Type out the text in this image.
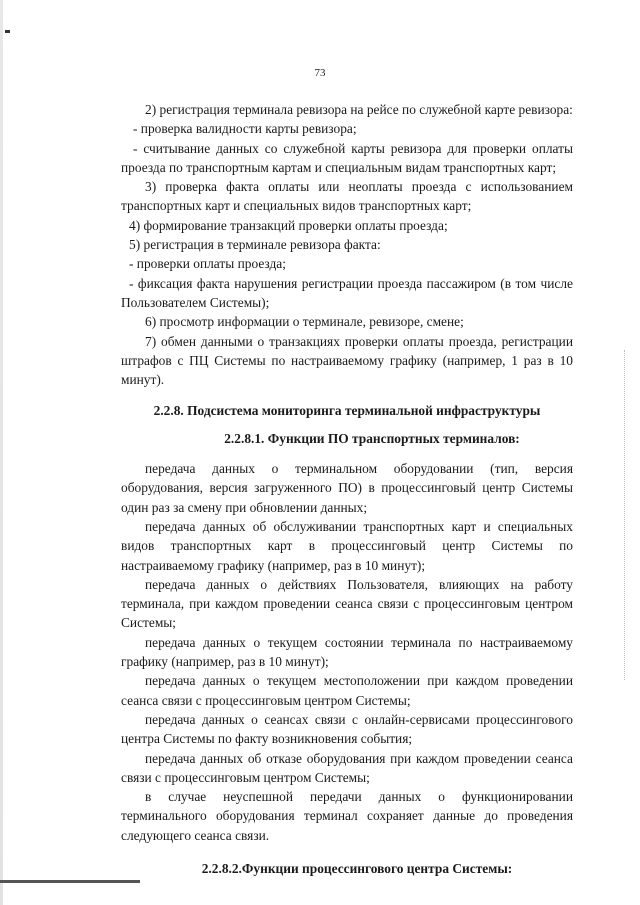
73

2) регистрация терминала ревизора на рейсе по служебной карте ревизора:

- проверка валидности карты ревизора;

- считывание данных со служебной карты ревизора для проверки оплаты проезда по транспортным картам и специальным видам транспортных карт;

3) проверка факта оплаты или неоплаты проезда с использованием транспортных карт и специальных видов транспортных карт;

4) формирование транзакций проверки оплаты проезда;

5) регистрация в терминале ревизора факта:

- проверки оплаты проезда;

- фиксация факта нарушения регистрации проезда пассажиром (в том числе Пользователем Системы);

6) просмотр информации о терминале, ревизоре, смене;

7) обмен данными о транзакциях проверки оплаты проезда, регистрации штрафов с ПЦ Системы по настраиваемому графику (например, 1 раз в 10 минут).

2.2.8. Подсистема мониторинга терминальной инфраструктуры

2.2.8.1. Функции ПО транспортных терминалов:

передача данных о терминальном оборудовании (тип, версия оборудования, версия загруженного ПО) в процессинговый центр Системы один раз за смену при обновлении данных;

передача данных об обслуживании транспортных карт и специальных видов транспортных карт в процессинговый центр Системы по настраиваемому графику (например, раз в 10 минут);

передача данных о действиях Пользователя, влияющих на работу терминала, при каждом проведении сеанса связи с процессинговым центром Системы;

передача данных о текущем состоянии терминала по настраиваемому графику (например, раз в 10 минут);

передача данных о текущем местоположении при каждом проведении сеанса связи с процессинговым центром Системы;

передача данных о сеансах связи с онлайн-сервисами процессингового центра Системы по факту возникновения события;

передача данных об отказе оборудования при каждом проведении сеанса связи с процессинговым центром Системы;

в случае неуспешной передачи данных о функционировании терминального оборудования терминал сохраняет данные до проведения следующего сеанса связи.

2.2.8.2.Функции процессингового центра Системы:
